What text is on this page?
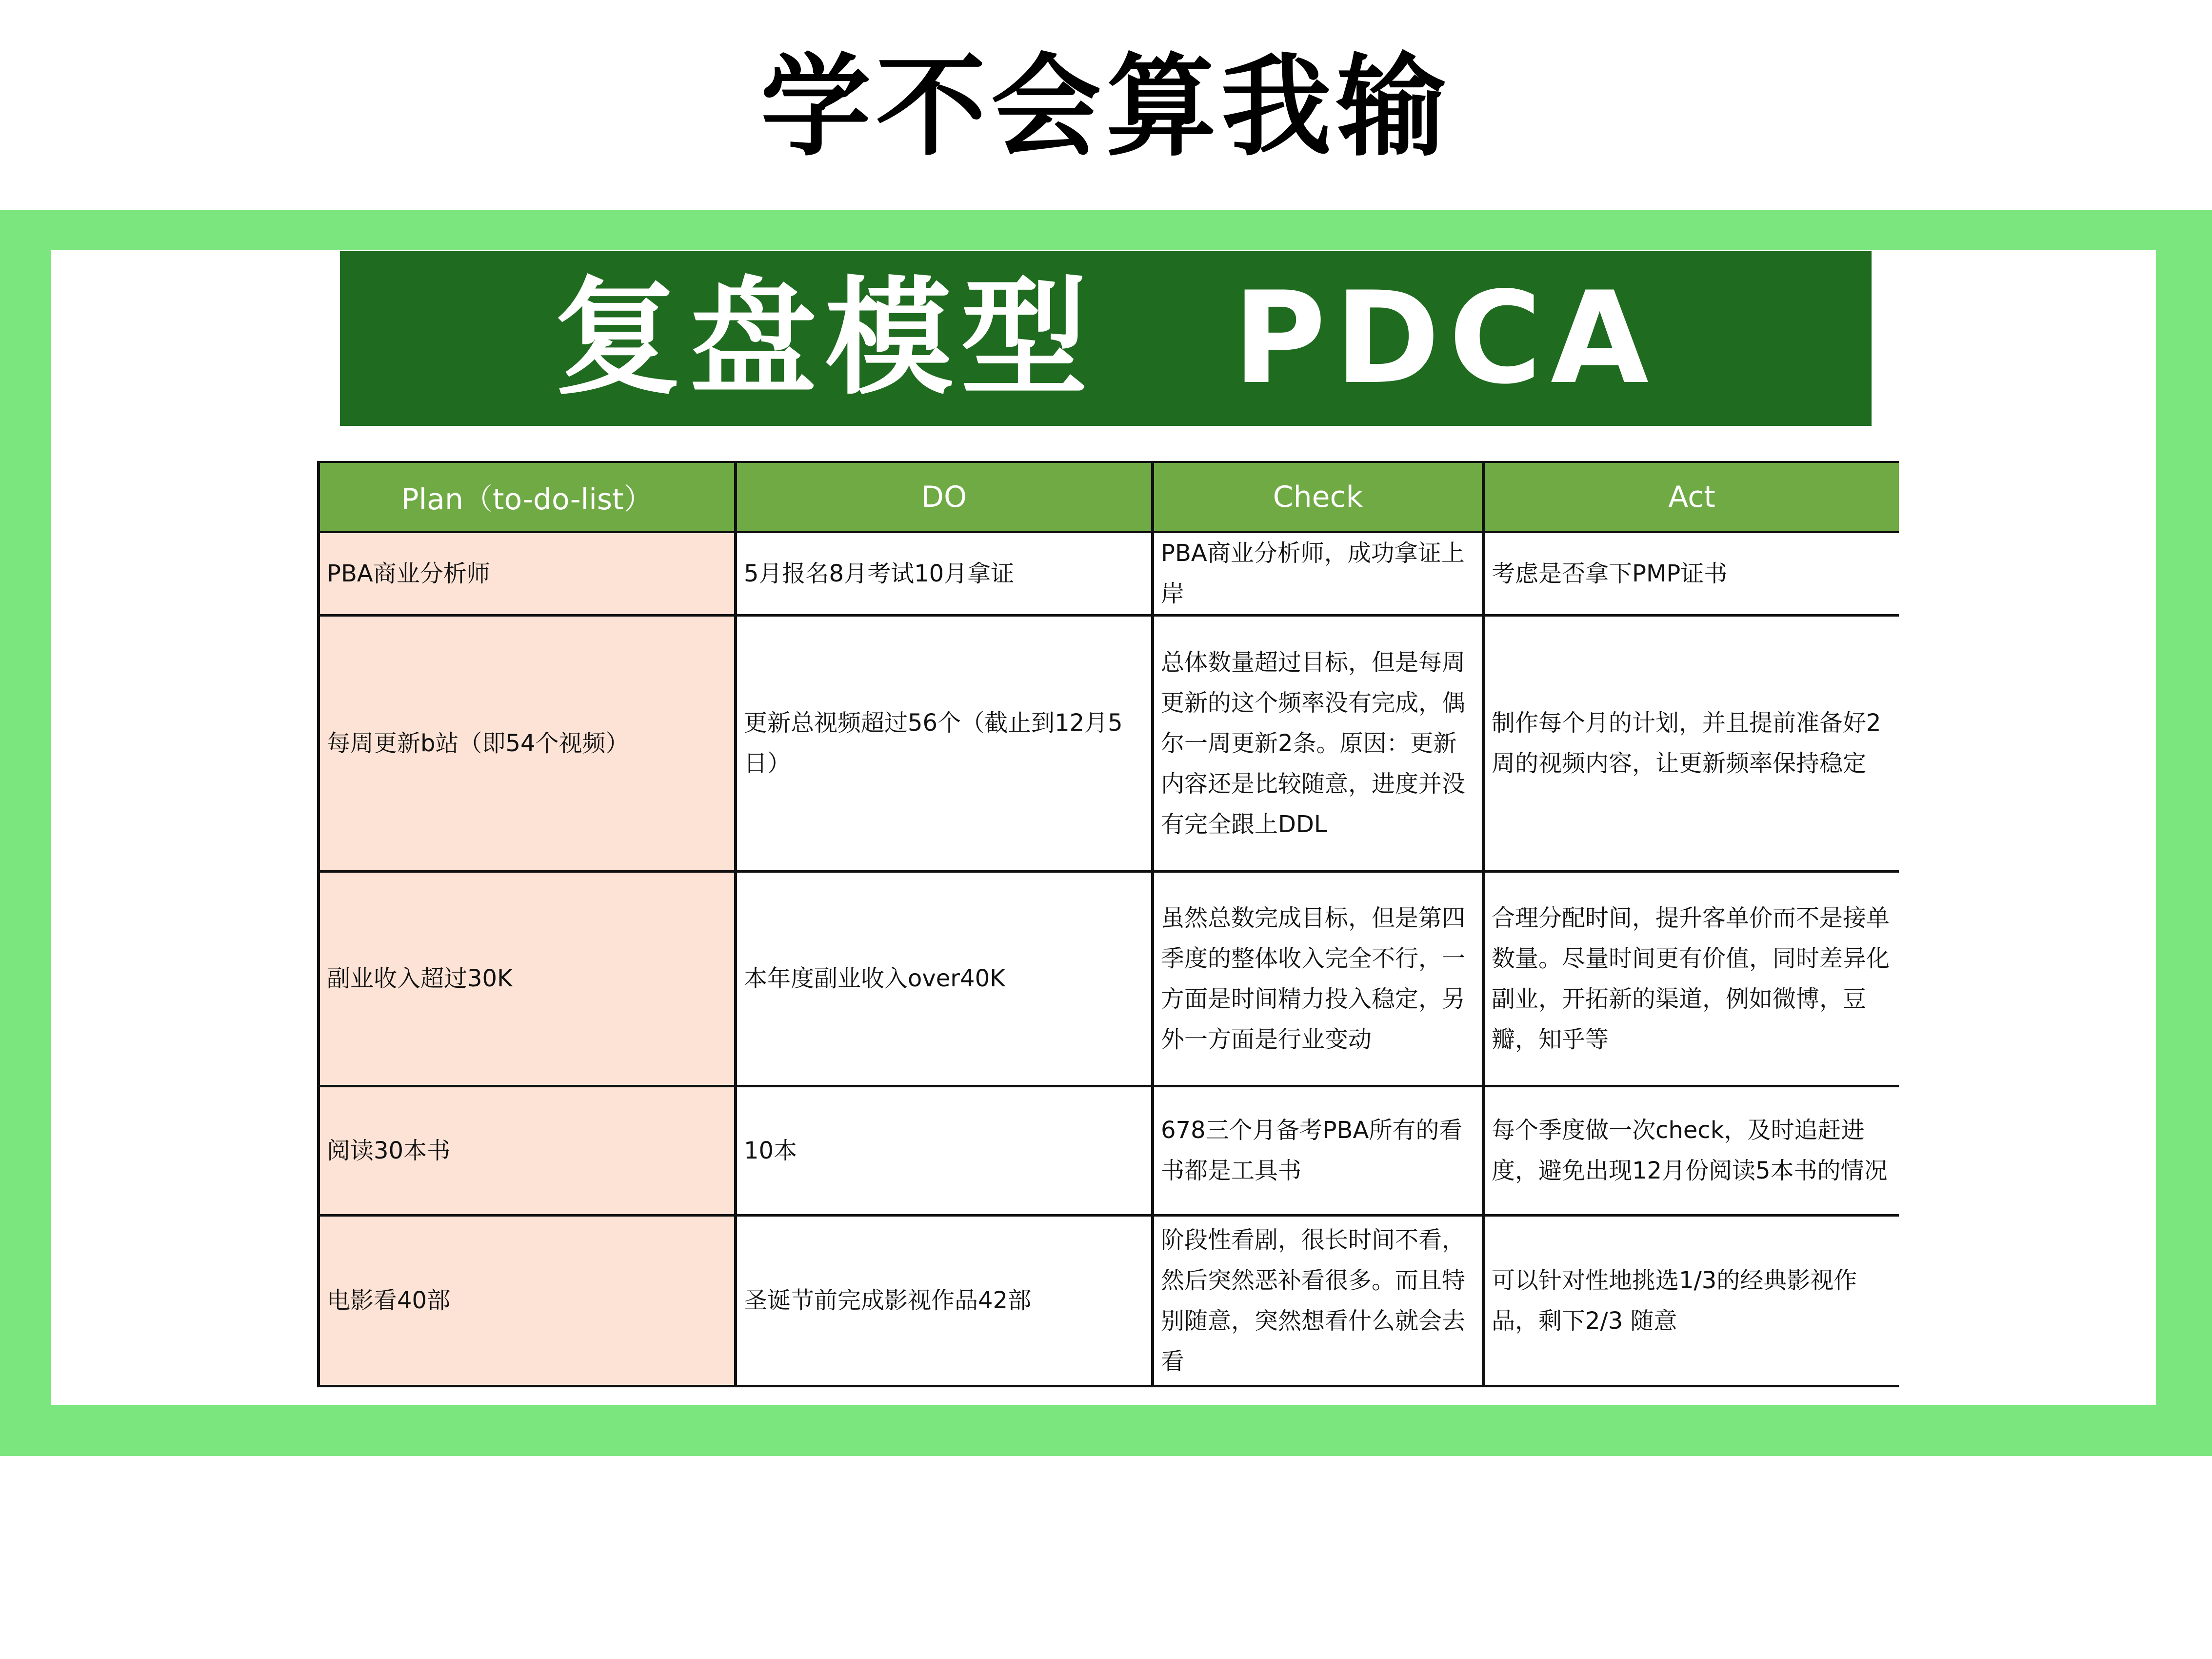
学不会算我输
复盘模型 PDCA
Plan（to-do-list）	DO	Check	Act
PBA商业分析师	5月报名8月考试10月拿证	PBA商业分析师，成功拿证上岸	考虑是否拿下PMP证书
每周更新b站（即54个视频）	更新总视频超过56个（截止到12月5日）	总体数量超过目标，但是每周更新的这个频率没有完成，偶尔一周更新2条。原因：更新内容还是比较随意，进度并没有完全跟上DDL	制作每个月的计划，并且提前准备好2周的视频内容，让更新频率保持稳定
副业收入超过30K	本年度副业收入over40K	虽然总数完成目标，但是第四季度的整体收入完全不行，一方面是时间精力投入稳定，另外一方面是行业变动	合理分配时间，提升客单价而不是接单数量。尽量时间更有价值，同时差异化副业，开拓新的渠道，例如微博，豆瓣，知乎等
阅读30本书	10本	678三个月备考PBA所有的看书都是工具书	每个季度做一次check，及时追赶进度，避免出现12月份阅读5本书的情况
电影看40部	圣诞节前完成影视作品42部	阶段性看剧，很长时间不看，然后突然恶补看很多。而且特别随意，突然想看什么就会去看	可以针对性地挑选1/3的经典影视作品，剩下2/3 随意
